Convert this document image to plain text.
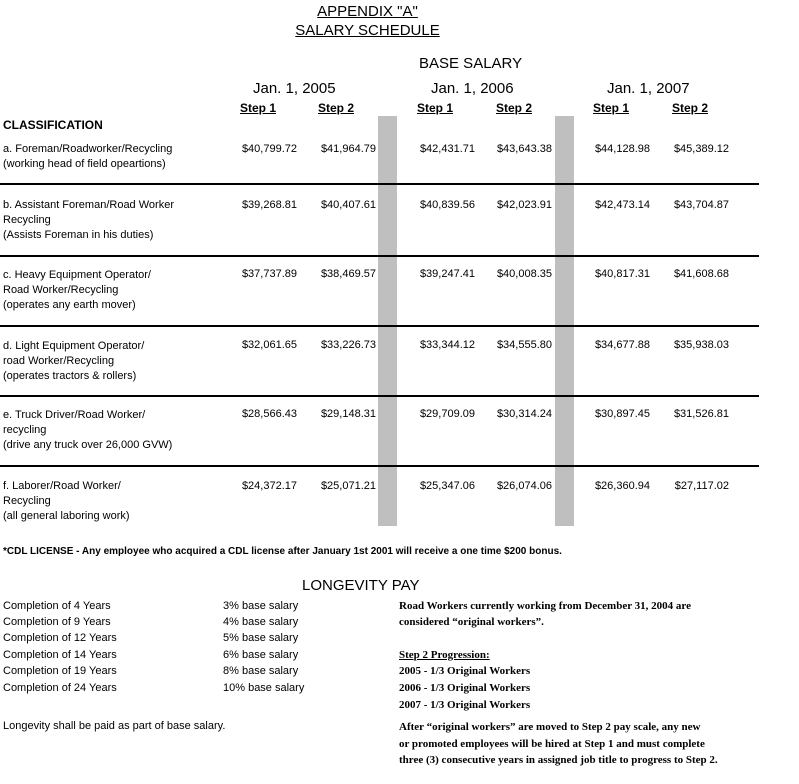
APPENDIX "A"
SALARY SCHEDULE
BASE SALARY
Jan. 1, 2005	Jan. 1, 2006	Jan. 1, 2007
Step 1	Step 2	Step 1	Step 2	Step 1	Step 2
CLASSIFICATION
a. Foreman/Roadworker/Recycling
(working head of field opeartions)
$40,799.72	$41,964.79	$42,431.71	$43,643.38	$44,128.98	$45,389.12
b. Assistant Foreman/Road Worker
Recycling
(Assists Foreman in his duties)
$39,268.81	$40,407.61	$40,839.56	$42,023.91	$42,473.14	$43,704.87
c. Heavy Equipment Operator/
Road Worker/Recycling
(operates any earth mover)
$37,737.89	$38,469.57	$39,247.41	$40,008.35	$40,817.31	$41,608.68
d. Light Equipment Operator/
road Worker/Recycling
(operates tractors & rollers)
$32,061.65	$33,226.73	$33,344.12	$34,555.80	$34,677.88	$35,938.03
e. Truck Driver/Road Worker/
recycling
(drive any truck over 26,000 GVW)
$28,566.43	$29,148.31	$29,709.09	$30,314.24	$30,897.45	$31,526.81
f. Laborer/Road Worker/
Recycling
(all general laboring work)
$24,372.17	$25,071.21	$25,347.06	$26,074.06	$26,360.94	$27,117.02
*CDL LICENSE - Any employee who acquired a CDL license after January 1st 2001 will receive a one time $200 bonus.
LONGEVITY PAY
Completion of 4 Years	3% base salary
Completion of 9 Years	4% base salary
Completion of 12 Years	5% base salary
Completion of 14 Years	6% base salary
Completion of 19 Years	8% base salary
Completion of 24 Years	10% base salary
Longevity shall be paid as part of base salary.
Road Workers currently working from December 31, 2004 are
considered “original workers”.
Step 2 Progression:
2005 - 1/3 Original Workers
2006 - 1/3 Original Workers
2007 - 1/3 Original Workers
After “original workers” are moved to Step 2 pay scale, any new
or promoted employees will be hired at Step 1 and must complete
three (3) consecutive years in assigned job title to progress to Step 2.
